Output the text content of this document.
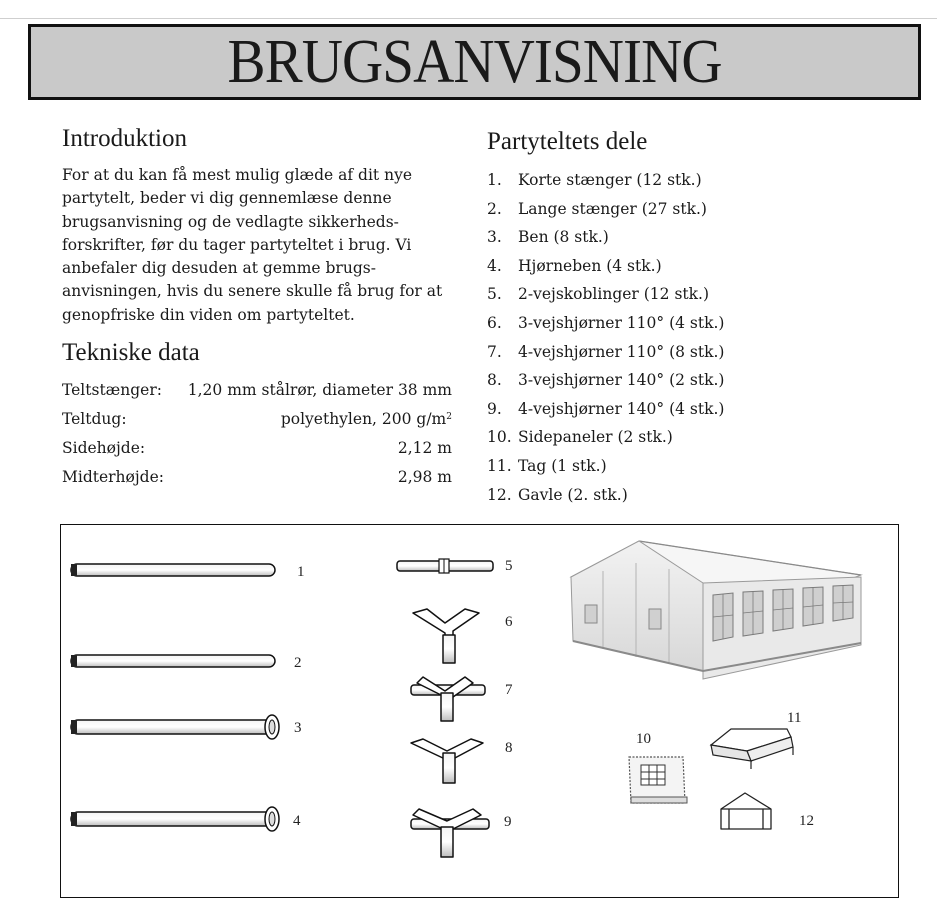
BRUGSANVISNING
Introduktion
For at du kan få mest mulig glæde af dit nye
partytelt, beder vi dig gennemlæse denne
brugsanvisning og de vedlagte sikkerheds-
forskrifter, før du tager partyteltet i brug. Vi
anbefaler dig desuden at gemme brugs-
anvisningen, hvis du senere skulle få brug for at
genopfriske din viden om partyteltet.
Tekniske data
Teltstænger: 1,20 mm stålrør, diameter 38 mm
Teltdug:	polyethylen, 200 $g/m^2$
Sidehøjde:	2,12 m
Midterhøjde:	2,98 m
Partyteltets dele
1. Korte stænger (12 stk.)
2. Lange stænger (27 stk.)
3. Ben (8 stk.)
4. Hjørneben (4 stk.)
5. 2-vejskoblinger (12 stk.)
6. 3-vejshjørner 110° (4 stk.)
7. 4-vejshjørner 110° (8 stk.)
8. 3-vejshjørner 140° (2 stk.)
9. 4-vejshjørner 140° (4 stk.)
10. Sidepaneler (2 stk.)
11. Tag (1 stk.)
12. Gavle (2. stk.)
1
2
3
4
5
6
7
8
9
10
11
12
